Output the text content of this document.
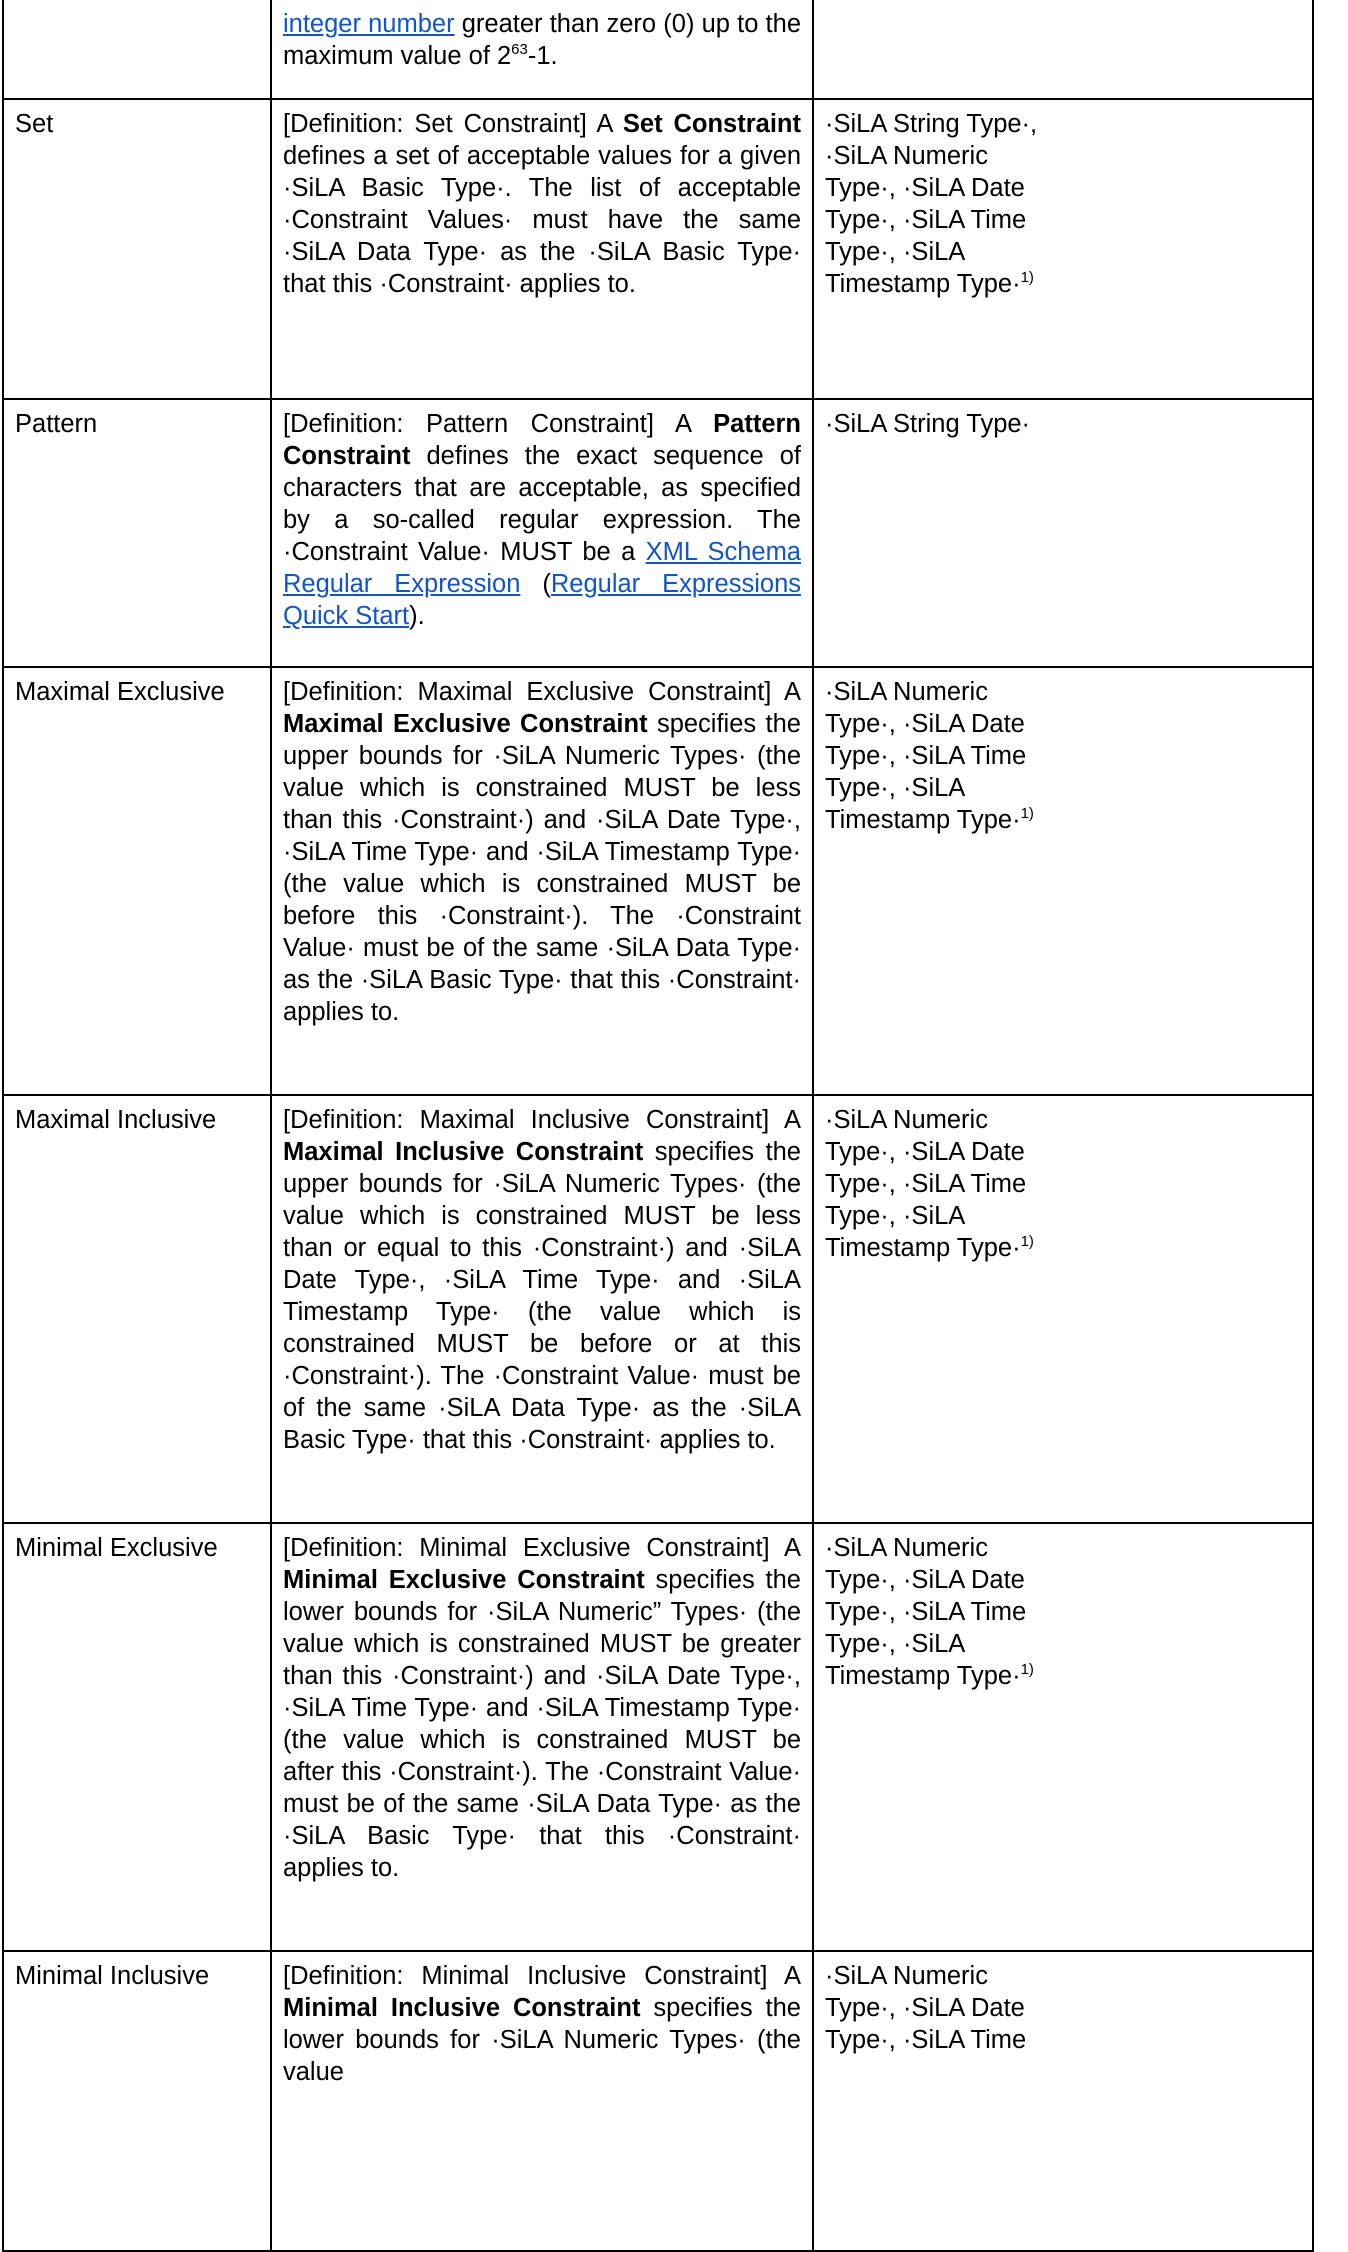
	integer number greater than zero (0) up to the maximum value of $2^{63}-1$.	

Set	[Definition: Set Constraint] A Set Constraint defines a set of acceptable values for a given ·SiLA Basic Type·. The list of acceptable ·Constraint Values· must have the same ·SiLA Data Type· as the ·SiLA Basic Type· that this ·Constraint· applies to.	·SiLA String Type·, ·SiLA Numeric Type·, ·SiLA Date Type·, ·SiLA Time Type·, ·SiLA Timestamp Type·$^{1)}$

Pattern	[Definition: Pattern Constraint] A Pattern Constraint defines the exact sequence of characters that are acceptable, as specified by a so-called regular expression. The ·Constraint Value· MUST be a XML Schema Regular Expression (Regular Expressions Quick Start).	·SiLA String Type·

Maximal Exclusive	[Definition: Maximal Exclusive Constraint] A Maximal Exclusive Constraint specifies the upper bounds for ·SiLA Numeric Types· (the value which is constrained MUST be less than this ·Constraint·) and ·SiLA Date Type·, ·SiLA Time Type· and ·SiLA Timestamp Type· (the value which is constrained MUST be before this ·Constraint·). The ·Constraint Value· must be of the same ·SiLA Data Type· as the ·SiLA Basic Type· that this ·Constraint· applies to.	·SiLA Numeric Type·, ·SiLA Date Type·, ·SiLA Time Type·, ·SiLA Timestamp Type·$^{1)}$

Maximal Inclusive	[Definition: Maximal Inclusive Constraint] A Maximal Inclusive Constraint specifies the upper bounds for ·SiLA Numeric Types· (the value which is constrained MUST be less than or equal to this ·Constraint·) and ·SiLA Date Type·, ·SiLA Time Type· and ·SiLA Timestamp Type· (the value which is constrained MUST be before or at this ·Constraint·). The ·Constraint Value· must be of the same ·SiLA Data Type· as the ·SiLA Basic Type· that this ·Constraint· applies to.	·SiLA Numeric Type·, ·SiLA Date Type·, ·SiLA Time Type·, ·SiLA Timestamp Type·$^{1)}$

Minimal Exclusive	[Definition: Minimal Exclusive Constraint] A Minimal Exclusive Constraint specifies the lower bounds for ·SiLA Numeric” Types· (the value which is constrained MUST be greater than this ·Constraint·) and ·SiLA Date Type·, ·SiLA Time Type· and ·SiLA Timestamp Type· (the value which is constrained MUST be after this ·Constraint·). The ·Constraint Value· must be of the same ·SiLA Data Type· as the ·SiLA Basic Type· that this ·Constraint· applies to.	·SiLA Numeric Type·, ·SiLA Date Type·, ·SiLA Time Type·, ·SiLA Timestamp Type·$^{1)}$

Minimal Inclusive	[Definition: Minimal Inclusive Constraint] A Minimal Inclusive Constraint specifies the lower bounds for ·SiLA Numeric Types· (the value	·SiLA Numeric Type·, ·SiLA Date Type·, ·SiLA Time
